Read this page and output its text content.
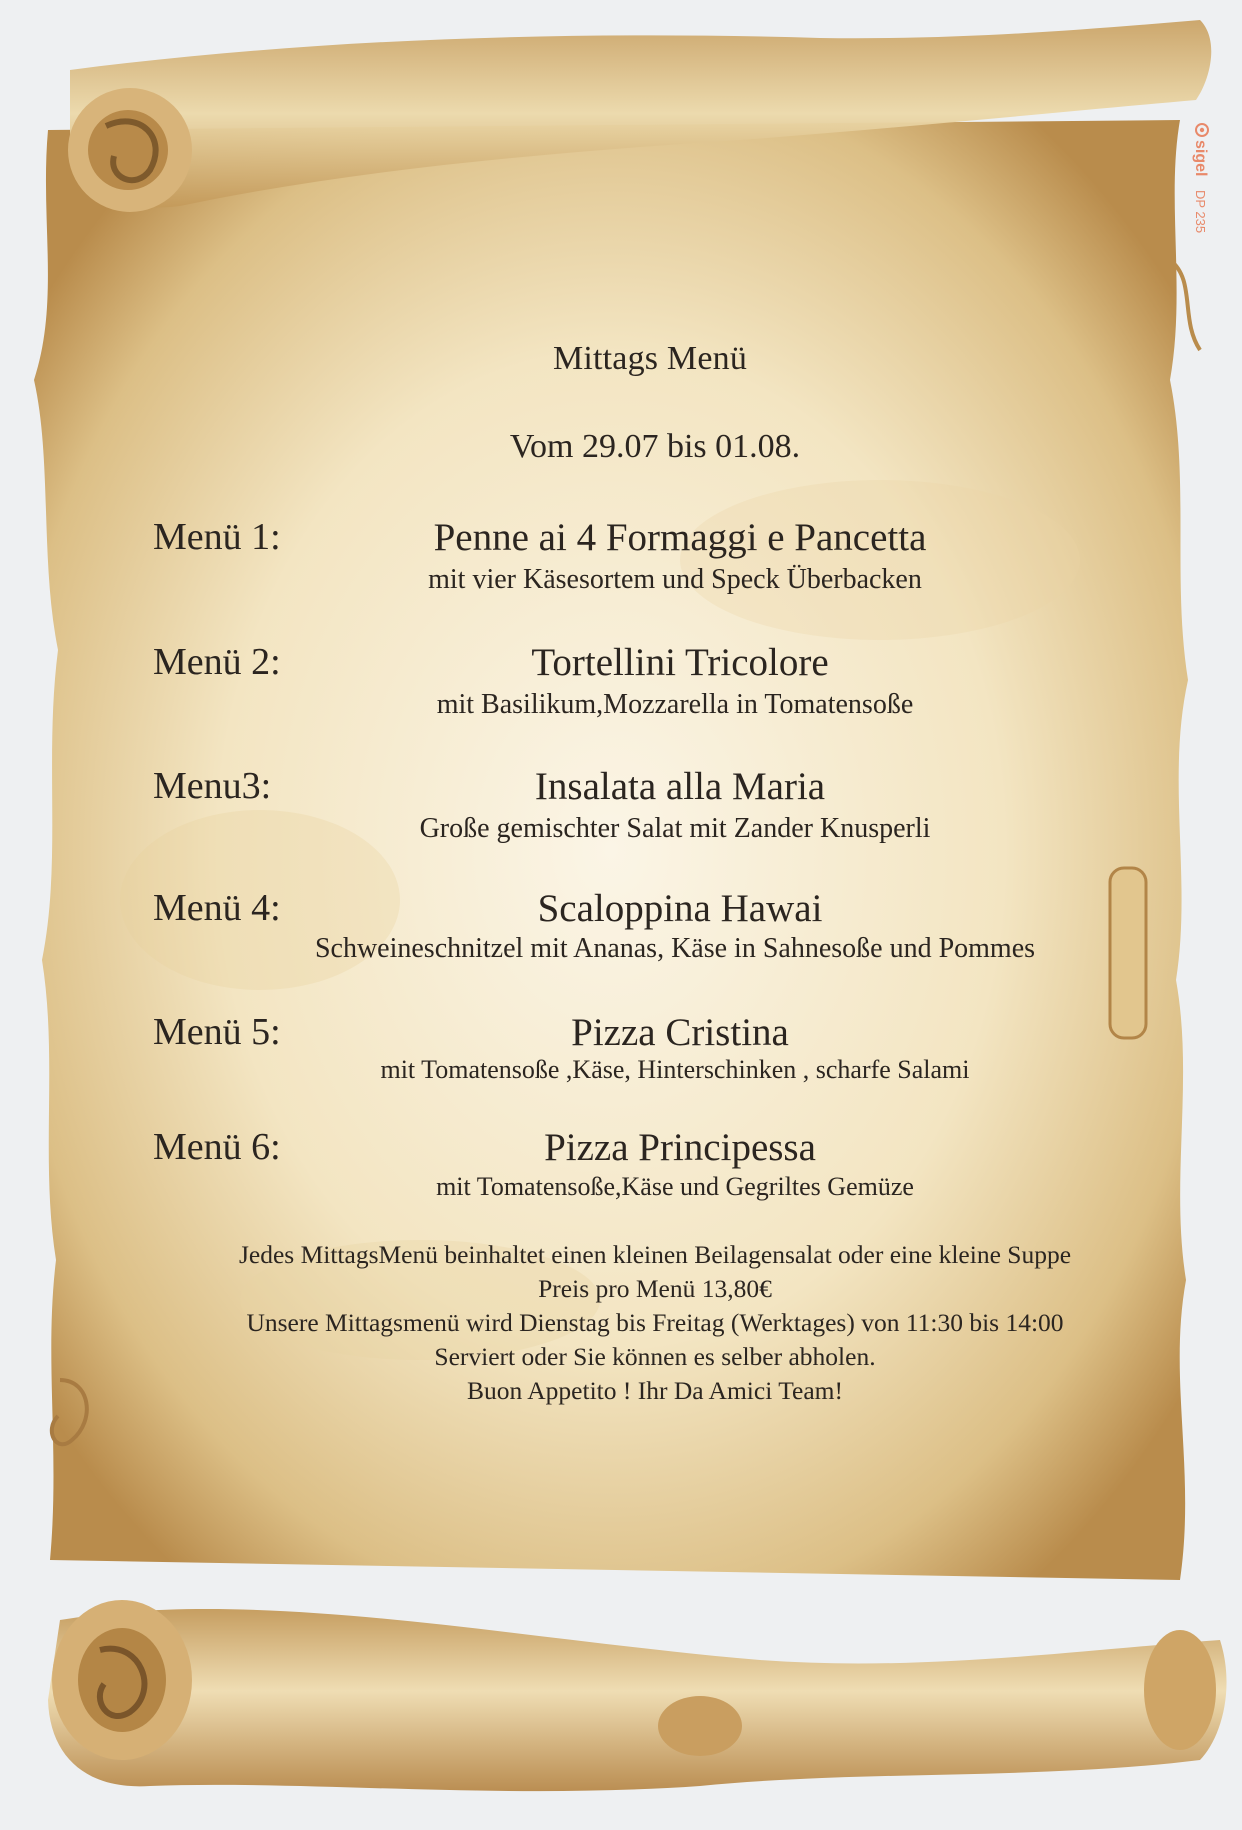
sigel
DP 235
Mittags Menü
Vom 29.07 bis 01.08.
Menü 1:	Penne ai 4 Formaggi e Pancetta
mit vier Käsesortem und Speck Überbacken
Menü 2:	Tortellini Tricolore
mit Basilikum,Mozzarella in Tomatensoße
Menu3:	Insalata alla Maria
Große gemischter Salat mit Zander Knusperli
Menü 4:	Scaloppina Hawai
Schweineschnitzel mit Ananas, Käse in Sahnesoße und Pommes
Menü 5:	Pizza Cristina
mit Tomatensoße ,Käse, Hinterschinken , scharfe Salami
Menü 6:	Pizza Principessa
mit Tomatensoße,Käse und Gegriltes Gemüze
Jedes MittagsMenü beinhaltet einen kleinen Beilagensalat oder eine kleine Suppe
Preis pro Menü 13,80€
Unsere Mittagsmenü wird Dienstag bis Freitag (Werktages) von 11:30 bis 14:00
Serviert oder Sie können es selber abholen.
Buon Appetito ! Ihr Da Amici Team!
